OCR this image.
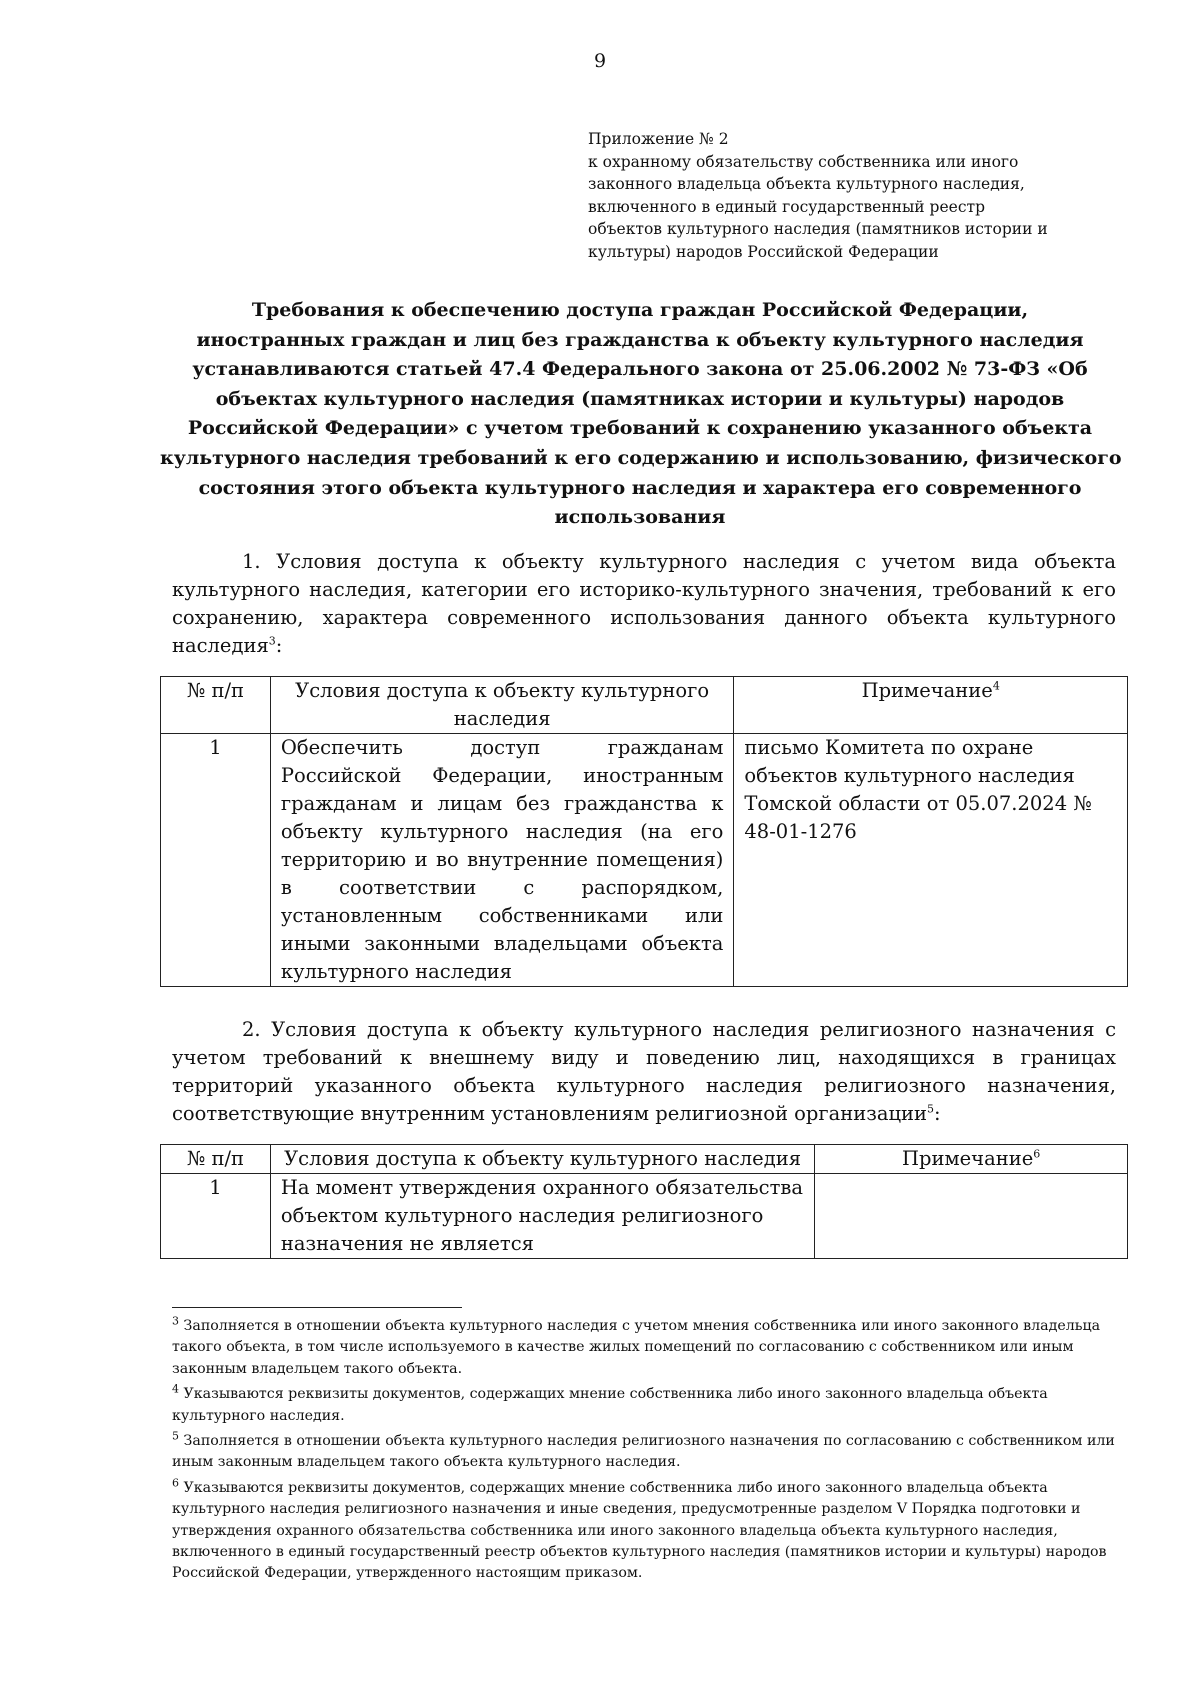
9
Приложение № 2
к охранному обязательству собственника или иного
законного владельца объекта культурного наследия,
включенного в единый государственный реестр
объектов культурного наследия (памятников истории и
культуры) народов Российской Федерации
Требования к обеспечению доступа граждан Российской Федерации,
иностранных граждан и лиц без гражданства к объекту культурного наследия
устанавливаются статьей 47.4 Федерального закона от 25.06.2002 № 73-ФЗ «Об
объектах культурного наследия (памятниках истории и культуры) народов
Российской Федерации» с учетом требований к сохранению указанного объекта
культурного наследия требований к его содержанию и использованию, физического
состояния этого объекта культурного наследия и характера его современного
использования
1. Условия доступа к объекту культурного наследия с учетом вида объекта культурного наследия, категории его историко-культурного значения, требований к его сохранению, характера современного использования данного объекта культурного наследия$^3$:
№ п/п	Условия доступа к объекту культурного наследия	Примечание$^4$
1	Обеспечить доступ гражданам Российской Федерации, иностранным гражданам и лицам без гражданства к объекту культурного наследия (на его территорию и во внутренние помещения) в соответствии с распорядком, установленным собственниками или иными законными владельцами объекта культурного наследия	письмо Комитета по охране объектов культурного наследия Томской области от 05.07.2024 № 48-01-1276
2. Условия доступа к объекту культурного наследия религиозного назначения с учетом требований к внешнему виду и поведению лиц, находящихся в границах территорий указанного объекта культурного наследия религиозного назначения, соответствующие внутренним установлениям религиозной организации$^5$:
№ п/п	Условия доступа к объекту культурного наследия	Примечание$^6$
1	На момент утверждения охранного обязательства объектом культурного наследия религиозного назначения не является	

$^3$ Заполняется в отношении объекта культурного наследия с учетом мнения собственника или иного законного владельца такого объекта, в том числе используемого в качестве жилых помещений по согласованию с собственником или иным законным владельцем такого объекта.

$^4$ Указываются реквизиты документов, содержащих мнение собственника либо иного законного владельца объекта культурного наследия.

$^5$ Заполняется в отношении объекта культурного наследия религиозного назначения по согласованию с собственником или иным законным владельцем такого объекта культурного наследия.

$^6$ Указываются реквизиты документов, содержащих мнение собственника либо иного законного владельца объекта культурного наследия религиозного назначения и иные сведения, предусмотренные разделом V Порядка подготовки и утверждения охранного обязательства собственника или иного законного владельца объекта культурного наследия, включенного в единый государственный реестр объектов культурного наследия (памятников истории и культуры) народов Российской Федерации, утвержденного настоящим приказом.
